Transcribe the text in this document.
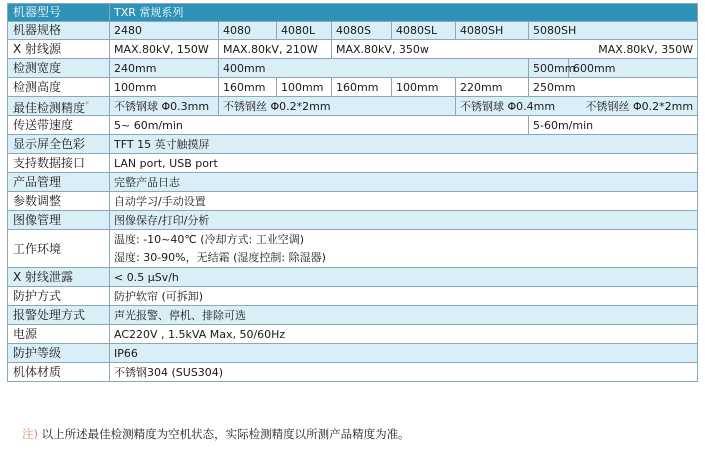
机器型号	TXR 常规系列								
机器规格	2480	4080	4080L	4080S	4080SL	4080SH	5080SH	
X 射线源	MAX.80kV, 150W	MAX.80kV, 210W		MAX.80kV, 350w MAX.80kV, 350W					

检测宽度	240mm	400mm					500mm	600mm	
检测高度	100mm	160mm	100mm	160mm	100mm	220mm	250mm	
最佳检测精度*	不锈钢球 Φ0.3mm	不锈钢丝 Φ0.2*2mm				不锈钢球 Φ0.4mm 不锈钢丝 Φ0.2*2mm			

传送带速度	5~ 60m/min						5-60m/min		
显示屏全色彩	TFT 15 英寸触摸屏								
支持数据接口	LAN port, USB port								
产品管理	完整产品日志								
参数调整	自动学习/手动设置								
图像管理	图像保存/打印/分析								
工作环境	温度: -10~40℃ (冷却方式: 工业空调)
湿度: 30-90%，无结霜 (湿度控制: 除湿器)								

X 射线泄露	< 0.5 µSv/h								
防护方式	防护软帘 (可拆卸)								
报警处理方式	声光报警、停机、排除可选								
电源	AC220V , 1.5kVA Max, 50/60Hz								
防护等级	IP66								
机体材质	不锈钢304 (SUS304)								
注) 以上所述最佳检测精度为空机状态，实际检测精度以所测产品精度为准。
